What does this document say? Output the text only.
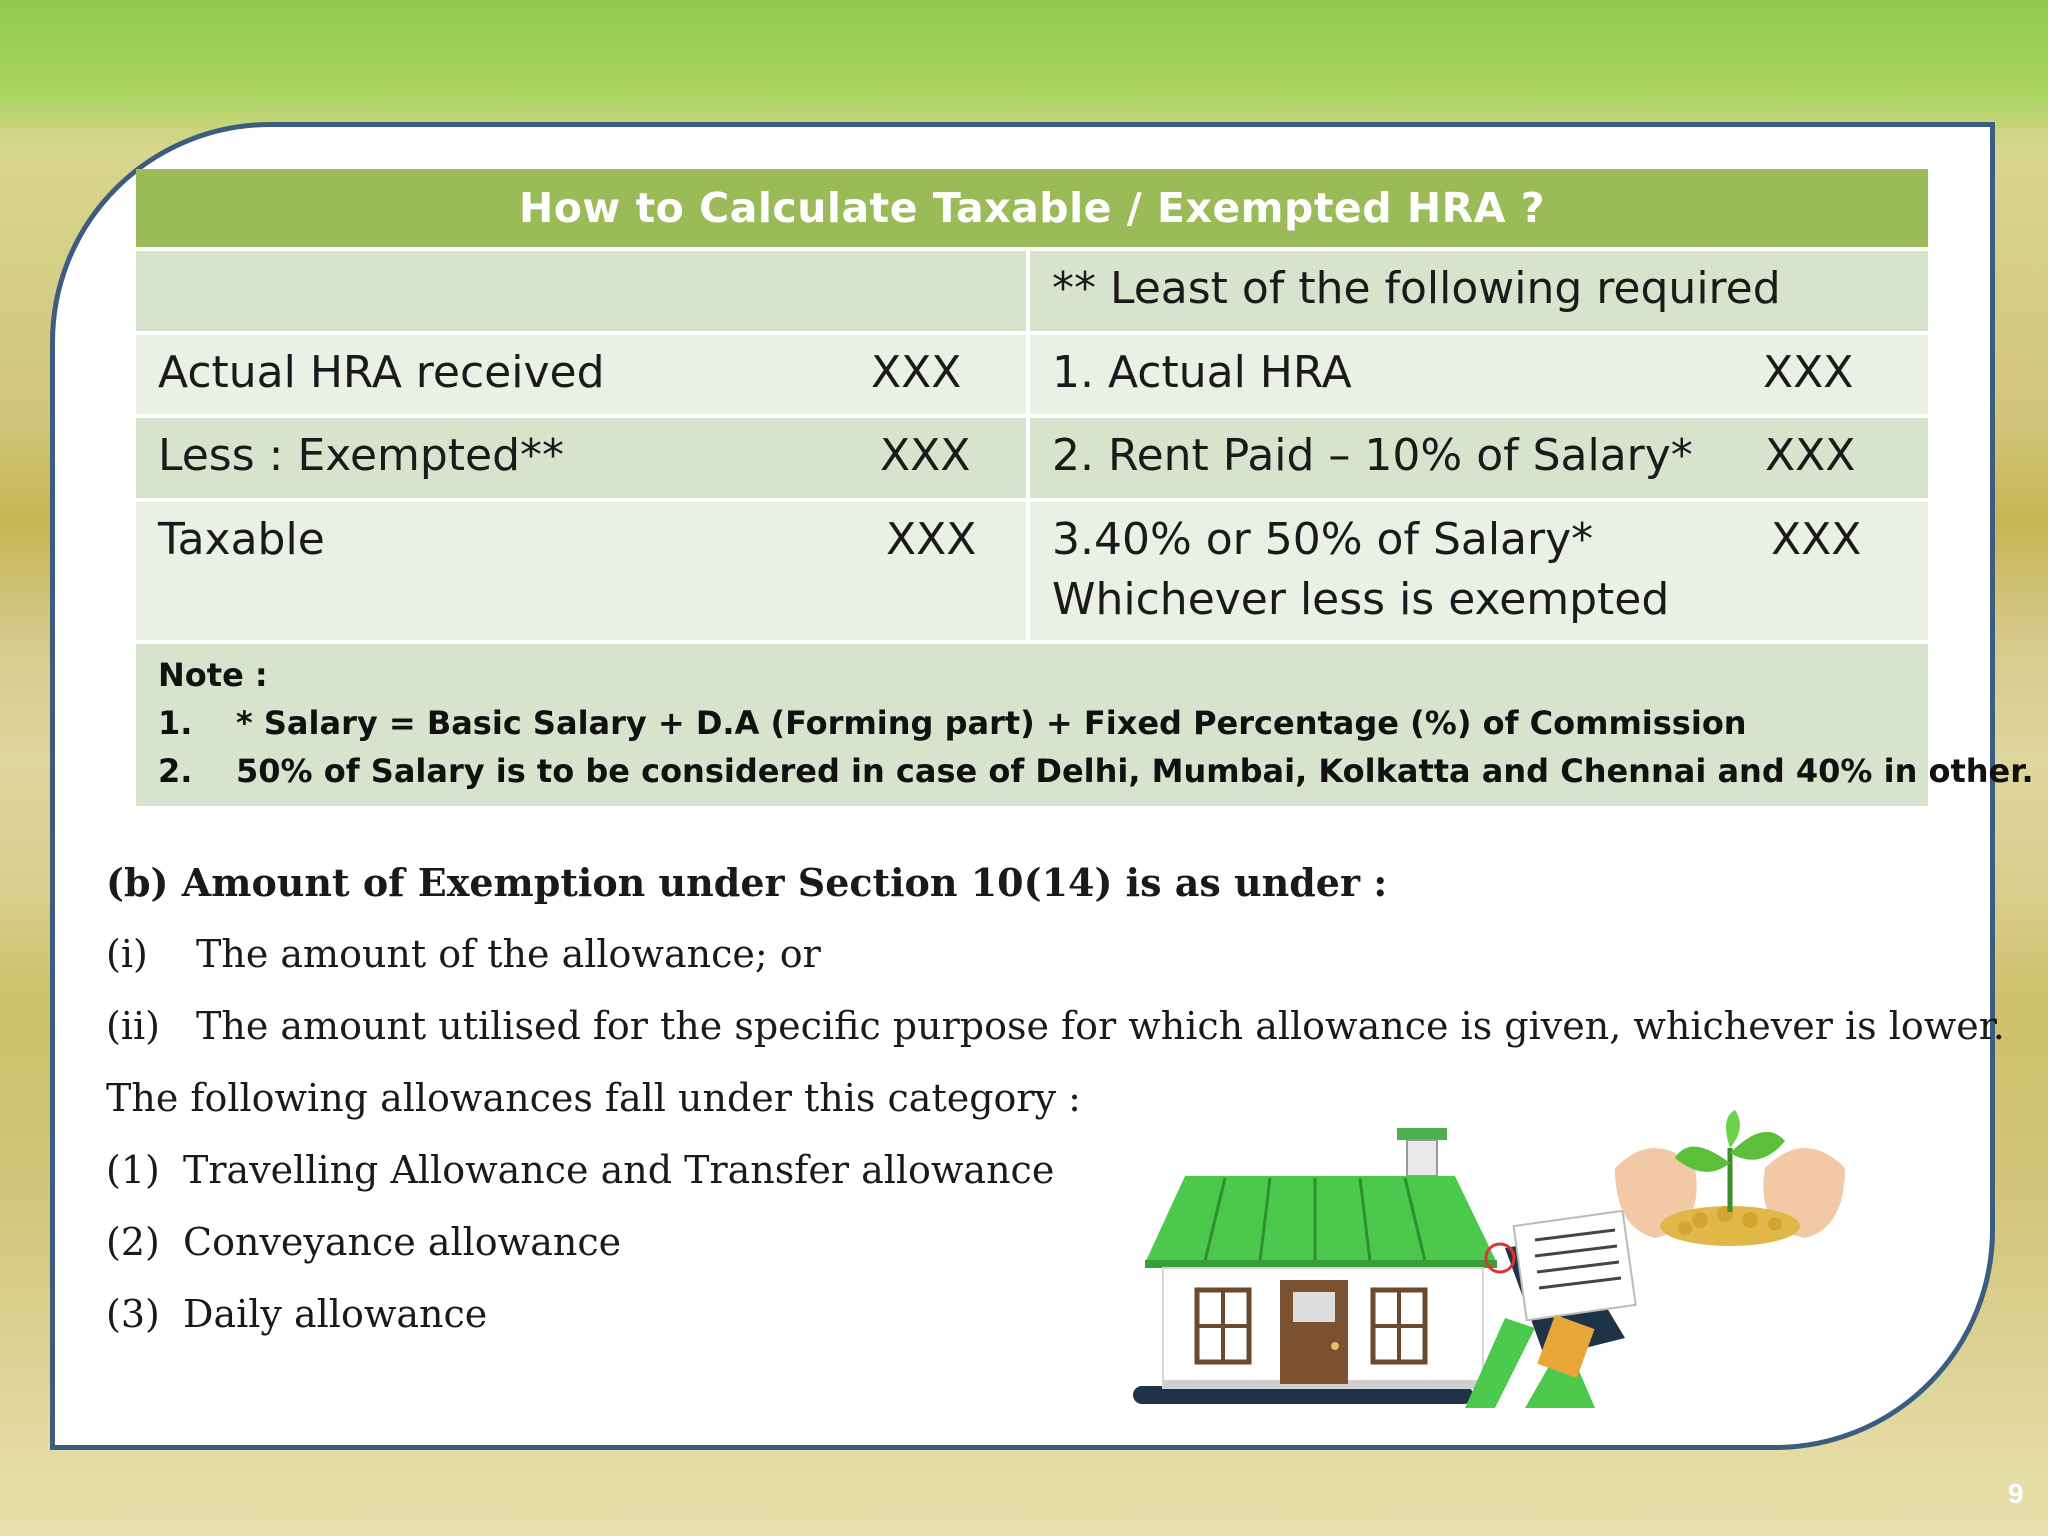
How to Calculate Taxable / Exempted HRA ?	

	** Least of the following required

Actual HRA received XXX	1. Actual HRA XXX

Less : Exempted** XXX	2. Rent Paid – 10% of Salary* XXX

Taxable XXX	3.40% or 50% of Salary* XXX
Whichever less is exempted

Note :
1. * Salary = Basic Salary + D.A (Forming part) + Fixed Percentage (%) of Commission
2. 50% of Salary is to be considered in case of Delhi, Mumbai, Kolkatta and Chennai and 40% in other.	
(b) Amount of Exemption under Section 10(14) is as under :
(i) The amount of the allowance; or
(ii) The amount utilised for the specific purpose for which allowance is given, whichever is lower.
The following allowances fall under this category :
(1) Travelling Allowance and Transfer allowance
(2) Conveyance allowance
(3) Daily allowance
9
